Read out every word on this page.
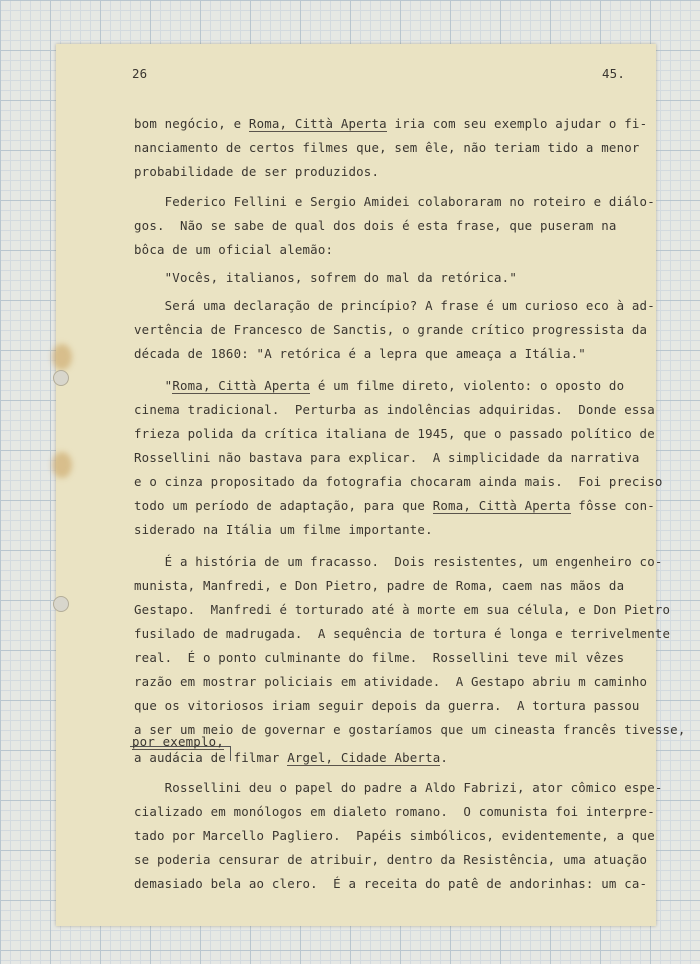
26	45.
bom negócio, e Roma, Città Aperta iria com seu exemplo ajudar o fi-
nanciamento de certos filmes que, sem êle, não teriam tido a menor
probabilidade de ser produzidos.
Federico Fellini e Sergio Amidei colaboraram no roteiro e diálo-
gos.  Não se sabe de qual dos dois é esta frase, que puseram na
bôca de um oficial alemão:
"Vocês, italianos, sofrem do mal da retórica."
Será uma declaração de princípio? A frase é um curioso eco à ad-
vertência de Francesco de Sanctis, o grande crítico progressista da
década de 1860: "A retórica é a lepra que ameaça a Itália."
"Roma, Città Aperta é um filme direto, violento: o oposto do
cinema tradicional.  Perturba as indolências adquiridas.  Donde essa
frieza polida da crítica italiana de 1945, que o passado político de
Rossellini não bastava para explicar.  A simplicidade da narrativa
e o cinza propositado da fotografia chocaram ainda mais.  Foi preciso
todo um período de adaptação, para que Roma, Città Aperta fôsse con-
siderado na Itália um filme importante.
É a história de um fracasso.  Dois resistentes, um engenheiro co-
munista, Manfredi, e Don Pietro, padre de Roma, caem nas mãos da
Gestapo.  Manfredi é torturado até à morte em sua célula, e Don Pietro
fusilado de madrugada.  A sequência de tortura é longa e terrivelmente
real.  É o ponto culminante do filme.  Rossellini teve mil vêzes
razão em mostrar policiais em atividade.  A Gestapo abriu m caminho
que os vitoriosos iriam seguir depois da guerra.  A tortura passou
a ser um meio de governar e gostaríamos que um cineasta francês tivesse,
por exemplo,
a audácia de filmar Argel, Cidade Aberta.
Rossellini deu o papel do padre a Aldo Fabrizi, ator cômico espe-
cializado em monólogos em dialeto romano.  O comunista foi interpre-
tado por Marcello Pagliero.  Papéis simbólicos, evidentemente, a que
se poderia censurar de atribuir, dentro da Resistência, uma atuação
demasiado bela ao clero.  É a receita do patê de andorinhas: um ca-
